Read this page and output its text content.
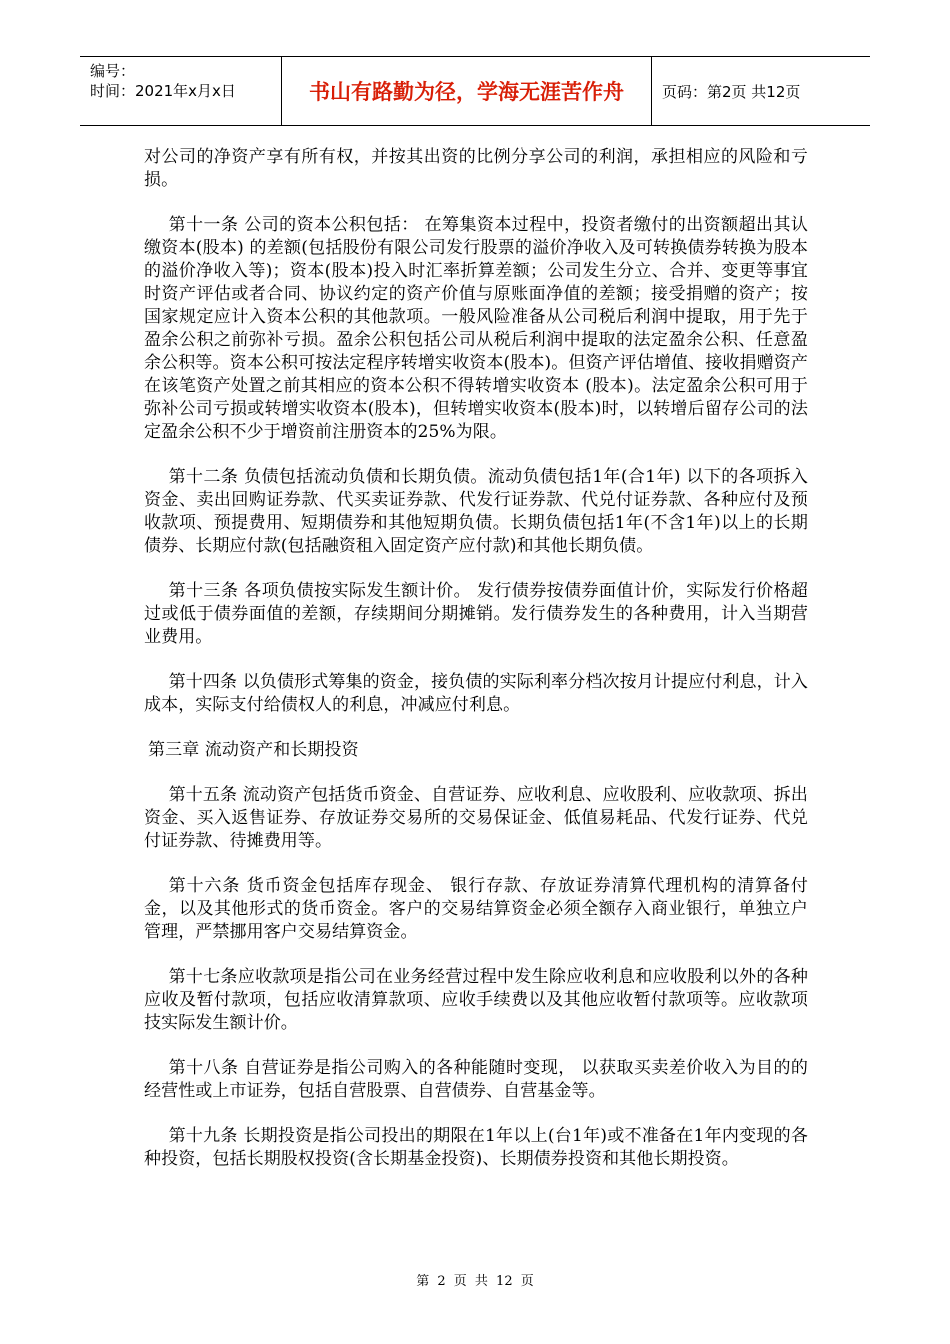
编号：
时间：2021年x月x日	书山有路勤为径，学海无涯苦作舟	页码：第2页 共12页

对公司的净资产享有所有权，并按其出资的比例分享公司的利润，承担相应的风险和亏损。

第十一条 公司的资本公积包括： 在筹集资本过程中，投资者缴付的出资额超出其认缴资本(股本) 的差额(包括股份有限公司发行股票的溢价净收入及可转换债券转换为股本的溢价净收入等)；资本(股本)投入时汇率折算差额；公司发生分立、合并、变更等事宜时资产评估或者合同、协议约定的资产价值与原账面净值的差额；接受捐赠的资产；按国家规定应计入资本公积的其他款项。一般风险准备从公司税后利润中提取，用于先于盈余公积之前弥补亏损。盈余公积包括公司从税后利润中提取的法定盈余公积、任意盈余公积等。资本公积可按法定程序转增实收资本(股本)。但资产评估增值、接收捐赠资产在该笔资产处置之前其相应的资本公积不得转增实收资本 (股本)。法定盈余公积可用于弥补公司亏损或转增实收资本(股本)，但转增实收资本(股本)时，以转增后留存公司的法定盈余公积不少于增资前注册资本的25%为限。

第十二条 负债包括流动负债和长期负债。流动负债包括1年(合1年) 以下的各项拆入资金、卖出回购证券款、代买卖证券款、代发行证券款、代兑付证券款、各种应付及预收款项、预提费用、短期债券和其他短期负债。长期负债包括1年(不含1年)以上的长期债券、长期应付款(包括融资租入固定资产应付款)和其他长期负债。

第十三条 各项负债按实际发生额计价。 发行债券按债券面值计价，实际发行价格超过或低于债券面值的差额，存续期间分期摊销。发行债券发生的各种费用，计入当期营业费用。

第十四条 以负债形式筹集的资金，接负债的实际利率分档次按月计提应付利息，计入成本，实际支付给债权人的利息，冲减应付利息。

第三章 流动资产和长期投资

第十五条 流动资产包括货币资金、自营证券、应收利息、应收股利、应收款项、拆出资金、买入返售证券、存放证券交易所的交易保证金、低值易耗品、代发行证券、代兑付证券款、待摊费用等。

第十六条 货币资金包括库存现金、 银行存款、存放证券清算代理机构的清算备付金，以及其他形式的货币资金。客户的交易结算资金必须全额存入商业银行，单独立户管理，严禁挪用客户交易结算资金。

第十七条应收款项是指公司在业务经营过程中发生除应收利息和应收股利以外的各种应收及暂付款项，包括应收清算款项、应收手续费以及其他应收暂付款项等。应收款项技实际发生额计价。

第十八条 自营证券是指公司购入的各种能随时变现， 以获取买卖差价收入为目的的经营性或上市证券，包括自营股票、自营债券、自营基金等。

第十九条 长期投资是指公司投出的期限在1年以上(台1年)或不准备在1年内变现的各种投资，包括长期股权投资(含长期基金投资)、长期债券投资和其他长期投资。

第 2 页 共 12 页
